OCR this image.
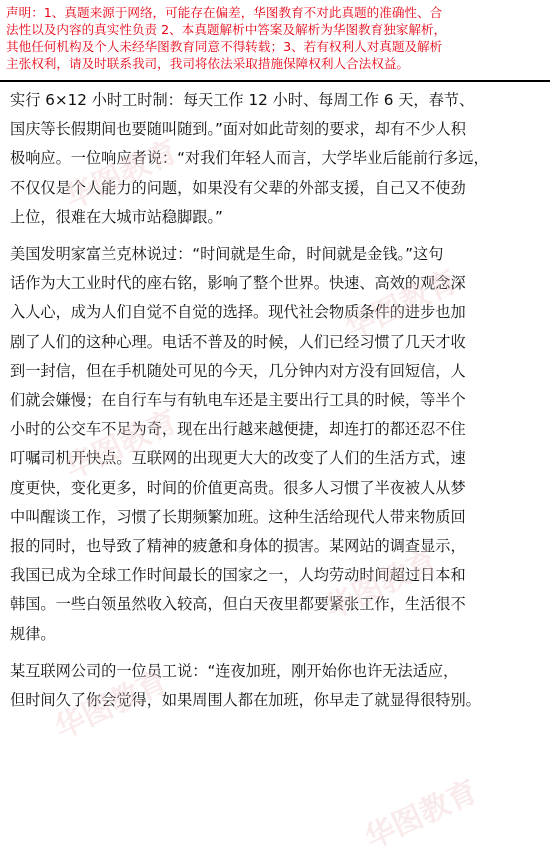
声明：1、真题来源于网络，可能存在偏差，华图教育不对此真题的准确性、合
法性以及内容的真实性负责 2、本真题解析中答案及解析为华图教育独家解析，
其他任何机构及个人未经华图教育同意不得转载；3、若有权利人对真题及解析
主张权利，请及时联系我司，我司将依法采取措施保障权利人合法权益。

实行 6×12 小时工时制：每天工作 12 小时、每周工作 6 天，春节、
国庆等长假期间也要随叫随到。”面对如此苛刻的要求，却有不少人积
极响应。一位响应者说：“对我们年轻人而言，大学毕业后能前行多远，
不仅仅是个人能力的问题，如果没有父辈的外部支援，自己又不使劲
上位，很难在大城市站稳脚跟。”

美国发明家富兰克林说过：“时间就是生命，时间就是金钱。”这句
话作为大工业时代的座右铭，影响了整个世界。快速、高效的观念深
入人心，成为人们自觉不自觉的选择。现代社会物质条件的进步也加
剧了人们的这种心理。电话不普及的时候，人们已经习惯了几天才收
到一封信，但在手机随处可见的今天，几分钟内对方没有回短信，人
们就会嫌慢；在自行车与有轨电车还是主要出行工具的时候，等半个
小时的公交车不足为奇，现在出行越来越便捷，却连打的都还忍不住
叮嘱司机开快点。互联网的出现更大大的改变了人们的生活方式，速
度更快，变化更多，时间的价值更高贵。很多人习惯了半夜被人从梦
中叫醒谈工作，习惯了长期频繁加班。这种生活给现代人带来物质回
报的同时，也导致了精神的疲惫和身体的损害。某网站的调查显示，
我国已成为全球工作时间最长的国家之一，人均劳动时间超过日本和
韩国。一些白领虽然收入较高，但白天夜里都要紧张工作，生活很不
规律。

某互联网公司的一位员工说：“连夜加班，刚开始你也许无法适应，
但时间久了你会觉得，如果周围人都在加班，你早走了就显得很特别。

华图教育
华图教育
华图教育
华图教育
华图教育
华图教育
